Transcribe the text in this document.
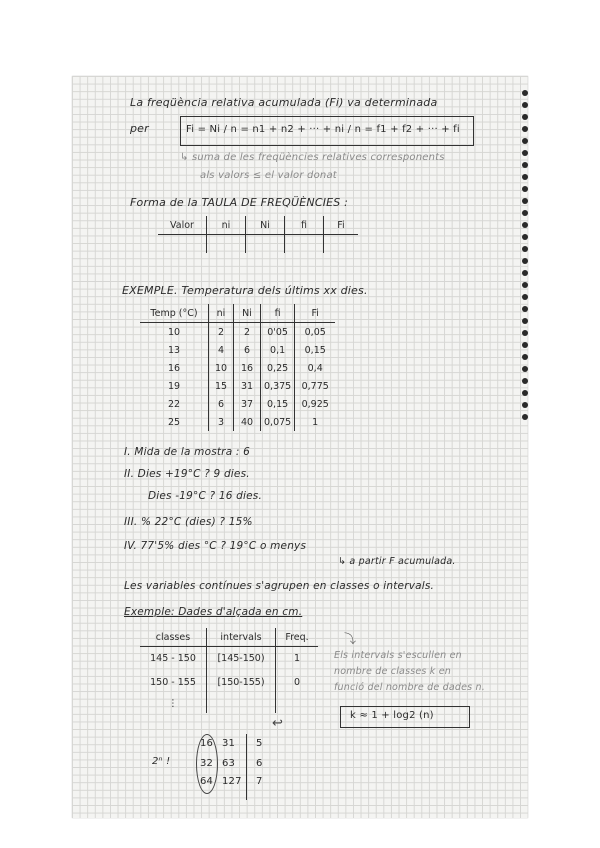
La freqüència relativa acumulada (Fi) va determinada
per	Fi = Ni / n = n1 + n2 + ··· + ni / n = f1 + f2 + ··· + fi
↳ suma de les freqüències relatives corresponents
als valors ≤ el valor donat
Forma de la TAULA DE FREQÜÈNCIES :
Valor	ni	Ni	fi	Fi

EXEMPLE. Temperatura dels últims xx dies.
Temp (°C)	ni	Ni	fi	Fi
10	2	2	0'05	0,05
13	4	6	0,1	0,15
16	10	16	0,25	0,4
19	15	31	0,375	0,775
22	6	37	0,15	0,925
25	3	40	0,075	1
I. Mida de la mostra : 6
II. Dies +19°C ? 9 dies.
Dies -19°C ? 16 dies.
III. % 22°C (dies) ? 15%
IV. 77'5% dies °C ? 19°C o menys
↳ a partir F acumulada.
Les variables contínues s'agrupen en classes o intervals.
Exemple: Dades d'alçada en cm.
classes	intervals	Freq.
145 - 150	[145-150)	1
150 - 155	[150-155)	0
⋮		
⤵
Els intervals s'escullen en
nombre de classes k en
funció del nombre de dades n.
k ≈ 1 + log2 (n)
↩
2ⁿ !
16 31 5
32 63 6
64 127 7
